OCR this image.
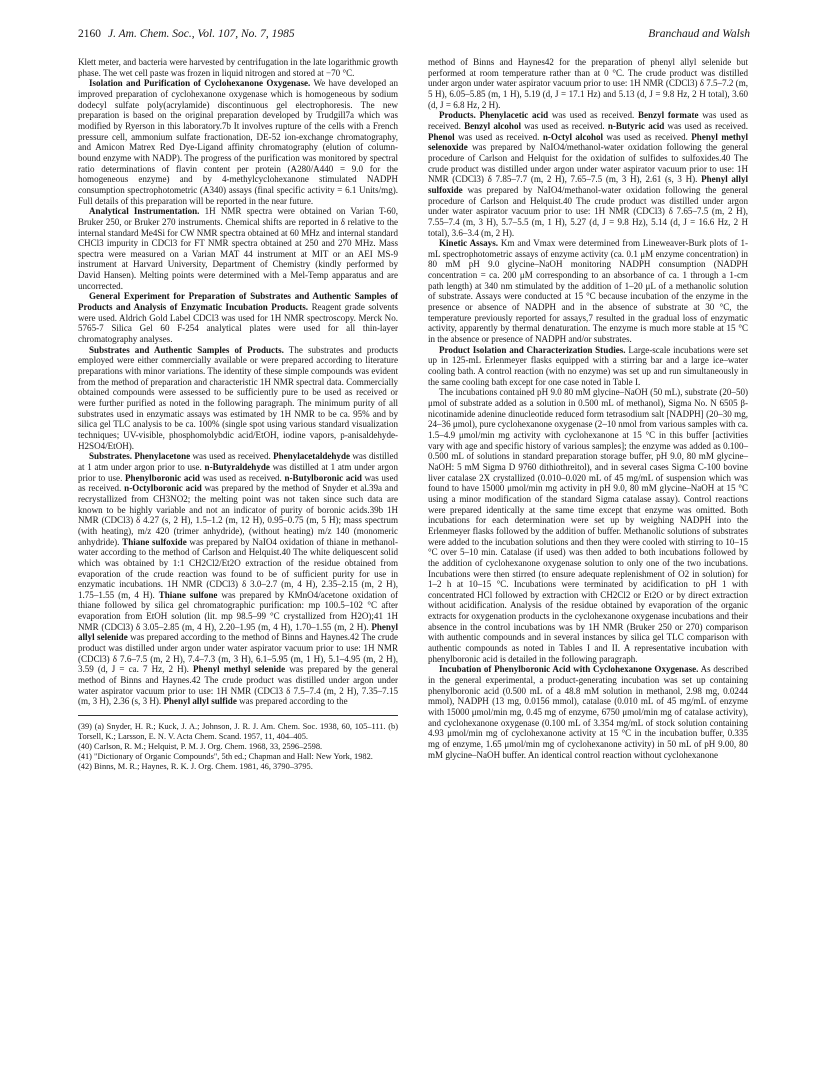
2160 J. Am. Chem. Soc., Vol. 107, No. 7, 1985	Branchaud and Walsh

Klett meter, and bacteria were harvested by centrifugation in the late logarithmic growth phase. The wet cell paste was frozen in liquid nitrogen and stored at −70 °C.

Isolation and Purification of Cyclohexanone Oxygenase. We have developed an improved preparation of cyclohexanone oxygenase which is homogeneous by sodium dodecyl sulfate poly(acrylamide) discontinuous gel electrophoresis. The new preparation is based on the original preparation developed by Trudgill7a which was modified by Ryerson in this laboratory.7b It involves rupture of the cells with a French pressure cell, ammonium sulfate fractionation, DE-52 ion-exchange chromatography, and Amicon Matrex Red Dye-Ligand affinity chromatography (elution of column-bound enzyme with NADP). The progress of the purification was monitored by spectral ratio determinations of flavin content per protein (A280/A440 = 9.0 for the homogeneous enzyme) and by 4-methylcyclohexanone stimulated NADPH consumption spectrophotometric (A340) assays (final specific activity = 6.1 Units/mg). Full details of this preparation will be reported in the near future.

Analytical Instrumentation. 1H NMR spectra were obtained on Varian T-60, Bruker 250, or Bruker 270 instruments. Chemical shifts are reported in δ relative to the internal standard Me4Si for CW NMR spectra obtained at 60 MHz and internal standard CHCl3 impurity in CDCl3 for FT NMR spectra obtained at 250 and 270 MHz. Mass spectra were measured on a Varian MAT 44 instrument at MIT or an AEI MS-9 instrument at Harvard University, Department of Chemistry (kindly performed by David Hansen). Melting points were determined with a Mel-Temp apparatus and are uncorrected.

General Experiment for Preparation of Substrates and Authentic Samples of Products and Analysis of Enzymatic Incubation Products. Reagent grade solvents were used. Aldrich Gold Label CDCl3 was used for 1H NMR spectroscopy. Merck No. 5765-7 Silica Gel 60 F-254 analytical plates were used for all thin-layer chromatography analyses.

Substrates and Authentic Samples of Products. The substrates and products employed were either commercially available or were prepared according to literature preparations with minor variations. The identity of these simple compounds was evident from the method of preparation and characteristic 1H NMR spectral data. Commercially obtained compounds were assessed to be sufficiently pure to be used as received or were further purified as noted in the following paragraph. The minimum purity of all substrates used in enzymatic assays was estimated by 1H NMR to be ca. 95% and by silica gel TLC analysis to be ca. 100% (single spot using various standard visualization techniques; UV-visible, phosphomolybdic acid/EtOH, iodine vapors, p-anisaldehyde-H2SO4/EtOH).

Substrates. Phenylacetone was used as received. Phenylacetaldehyde was distilled at 1 atm under argon prior to use. n-Butyraldehyde was distilled at 1 atm under argon prior to use. Phenylboronic acid was used as received. n-Butylboronic acid was used as received. n-Octylboronic acid was prepared by the method of Snyder et al.39a and recrystallized from CH3NO2; the melting point was not taken since such data are known to be highly variable and not an indicator of purity of boronic acids.39b 1H NMR (CDCl3) δ 4.27 (s, 2 H), 1.5–1.2 (m, 12 H), 0.95–0.75 (m, 5 H); mass spectrum (with heating), m/z 420 (trimer anhydride), (without heating) m/z 140 (monomeric anhydride). Thiane sulfoxide was prepared by NaIO4 oxidation of thiane in methanol-water according to the method of Carlson and Helquist.40 The white deliquescent solid which was obtained by 1:1 CH2Cl2/Et2O extraction of the residue obtained from evaporation of the crude reaction was found to be of sufficient purity for use in enzymatic incubations. 1H NMR (CDCl3) δ 3.0–2.7 (m, 4 H), 2.35–2.15 (m, 2 H), 1.75–1.55 (m, 4 H). Thiane sulfone was prepared by KMnO4/acetone oxidation of thiane followed by silica gel chromatographic purification: mp 100.5–102 °C after evaporation from EtOH solution (lit. mp 98.5–99 °C crystallized from H2O);41 1H NMR (CDCl3) δ 3.05–2.85 (m, 4 H), 2.20–1.95 (m, 4 H), 1.70–1.55 (m, 2 H). Phenyl allyl selenide was prepared according to the method of Binns and Haynes.42 The crude product was distilled under argon under water aspirator vacuum prior to use: 1H NMR (CDCl3) δ 7.6–7.5 (m, 2 H), 7.4–7.3 (m, 3 H), 6.1–5.95 (m, 1 H), 5.1–4.95 (m, 2 H), 3.59 (d, J = ca. 7 Hz, 2 H). Phenyl methyl selenide was prepared by the general method of Binns and Haynes.42 The crude product was distilled under argon under water aspirator vacuum prior to use: 1H NMR (CDCl3 δ 7.5–7.4 (m, 2 H), 7.35–7.15 (m, 3 H), 2.36 (s, 3 H). Phenyl allyl sulfide was prepared according to the

(39) (a) Snyder, H. R.; Kuck, J. A.; Johnson, J. R. J. Am. Chem. Soc. 1938, 60, 105–111. (b) Torsell, K.; Larsson, E. N. V. Acta Chem. Scand. 1957, 11, 404–405.

(40) Carlson, R. M.; Helquist, P. M. J. Org. Chem. 1968, 33, 2596–2598.

(41) "Dictionary of Organic Compounds", 5th ed.; Chapman and Hall: New York, 1982.

(42) Binns, M. R.; Haynes, R. K. J. Org. Chem. 1981, 46, 3790–3795.

method of Binns and Haynes42 for the preparation of phenyl allyl selenide but performed at room temperature rather than at 0 °C. The crude product was distilled under argon under water aspirator vacuum prior to use: 1H NMR (CDCl3) δ 7.5–7.2 (m, 5 H), 6.05–5.85 (m, 1 H), 5.19 (d, J = 17.1 Hz) and 5.13 (d, J = 9.8 Hz, 2 H total), 3.60 (d, J = 6.8 Hz, 2 H).

Products. Phenylacetic acid was used as received. Benzyl formate was used as received. Benzyl alcohol was used as received. n-Butyric acid was used as received. Phenol was used as received. n-Octyl alcohol was used as received. Phenyl methyl selenoxide was prepared by NaIO4/methanol-water oxidation following the general procedure of Carlson and Helquist for the oxidation of sulfides to sulfoxides.40 The crude product was distilled under argon under water aspirator vacuum prior to use: 1H NMR (CDCl3) δ 7.85–7.7 (m, 2 H), 7.65–7.5 (m, 3 H), 2.61 (s, 3 H). Phenyl allyl sulfoxide was prepared by NaIO4/methanol-water oxidation following the general procedure of Carlson and Helquist.40 The crude product was distilled under argon under water aspirator vacuum prior to use: 1H NMR (CDCl3) δ 7.65–7.5 (m, 2 H), 7.55–7.4 (m, 3 H), 5.7–5.5 (m, 1 H), 5.27 (d, J = 9.8 Hz), 5.14 (d, J = 16.6 Hz, 2 H total), 3.6–3.4 (m, 2 H).

Kinetic Assays. Km and Vmax were determined from Lineweaver-Burk plots of 1-mL spectrophotometric assays of enzyme activity (ca. 0.1 μM enzyme concentration) in 80 mM pH 9.0 glycine–NaOH monitoring NADPH consumption (NADPH concentration = ca. 200 μM corresponding to an absorbance of ca. 1 through a 1-cm path length) at 340 nm stimulated by the addition of 1–20 μL of a methanolic solution of substrate. Assays were conducted at 15 °C because incubation of the enzyme in the presence or absence of NADPH and in the absence of substrate at 30 °C, the temperature previously reported for assays,7 resulted in the gradual loss of enzymatic activity, apparently by thermal denaturation. The enzyme is much more stable at 15 °C in the absence or presence of NADPH and/or substrates.

Product Isolation and Characterization Studies. Large-scale incubations were set up in 125-mL Erlenmeyer flasks equipped with a stirring bar and a large ice–water cooling bath. A control reaction (with no enzyme) was set up and run simultaneously in the same cooling bath except for one case noted in Table I.

The incubations contained pH 9.0 80 mM glycine–NaOH (50 mL), substrate (20–50) μmol of substrate added as a solution in 0.500 mL of methanol), Sigma No. N 6505 β-nicotinamide adenine dinucleotide reduced form tetrasodium salt [NADPH] (20–30 mg, 24–36 μmol), pure cyclohexanone oxygenase (2–10 nmol from various samples with ca. 1.5–4.9 μmol/min mg activity with cyclohexanone at 15 °C in this buffer [activities vary with age and specific history of various samples]; the enzyme was added as 0.100–0.500 mL of solutions in standard preparation storage buffer, pH 9.0, 80 mM glycine–NaOH: 5 mM Sigma D 9760 dithiothreitol), and in several cases Sigma C-100 bovine liver catalase 2X crystallized (0.010–0.020 mL of 45 mg/mL of suspension which was found to have 15000 μmol/min mg activity in pH 9.0, 80 mM glycine–NaOH at 15 °C using a minor modification of the standard Sigma catalase assay). Control reactions were prepared identically at the same time except that enzyme was omitted. Both incubations for each determination were set up by weighing NADPH into the Erlenmeyer flasks followed by the addition of buffer. Methanolic solutions of substrates were added to the incubation solutions and then they were cooled with stirring to 10–15 °C over 5–10 min. Catalase (if used) was then added to both incubations followed by the addition of cyclohexanone oxygenase solution to only one of the two incubations. Incubations were then stirred (to ensure adequate replenishment of O2 in solution) for 1–2 h at 10–15 °C. Incubations were terminated by acidification to pH 1 with concentrated HCl followed by extraction with CH2Cl2 or Et2O or by direct extraction without acidification. Analysis of the residue obtained by evaporation of the organic extracts for oxygenation products in the cyclohexanone oxygenase incubations and their absence in the control incubations was by 1H NMR (Bruker 250 or 270) comparison with authentic compounds and in several instances by silica gel TLC comparison with authentic compounds as noted in Tables I and II. A representative incubation with phenylboronic acid is detailed in the following paragraph.

Incubation of Phenylboronic Acid with Cyclohexanone Oxygenase. As described in the general experimental, a product-generating incubation was set up containing phenylboronic acid (0.500 mL of a 48.8 mM solution in methanol, 2.98 mg, 0.0244 mmol), NADPH (13 mg, 0.0156 mmol), catalase (0.010 mL of 45 mg/mL of enzyme with 15000 μmol/min mg, 0.45 mg of enzyme, 6750 μmol/min mg of catalase activity), and cyclohexanone oxygenase (0.100 mL of 3.354 mg/mL of stock solution containing 4.93 μmol/min mg of cyclohexanone activity at 15 °C in the incubation buffer, 0.335 mg of enzyme, 1.65 μmol/min mg of cyclohexanone activity) in 50 mL of pH 9.00, 80 mM glycine–NaOH buffer. An identical control reaction without cyclohexanone
